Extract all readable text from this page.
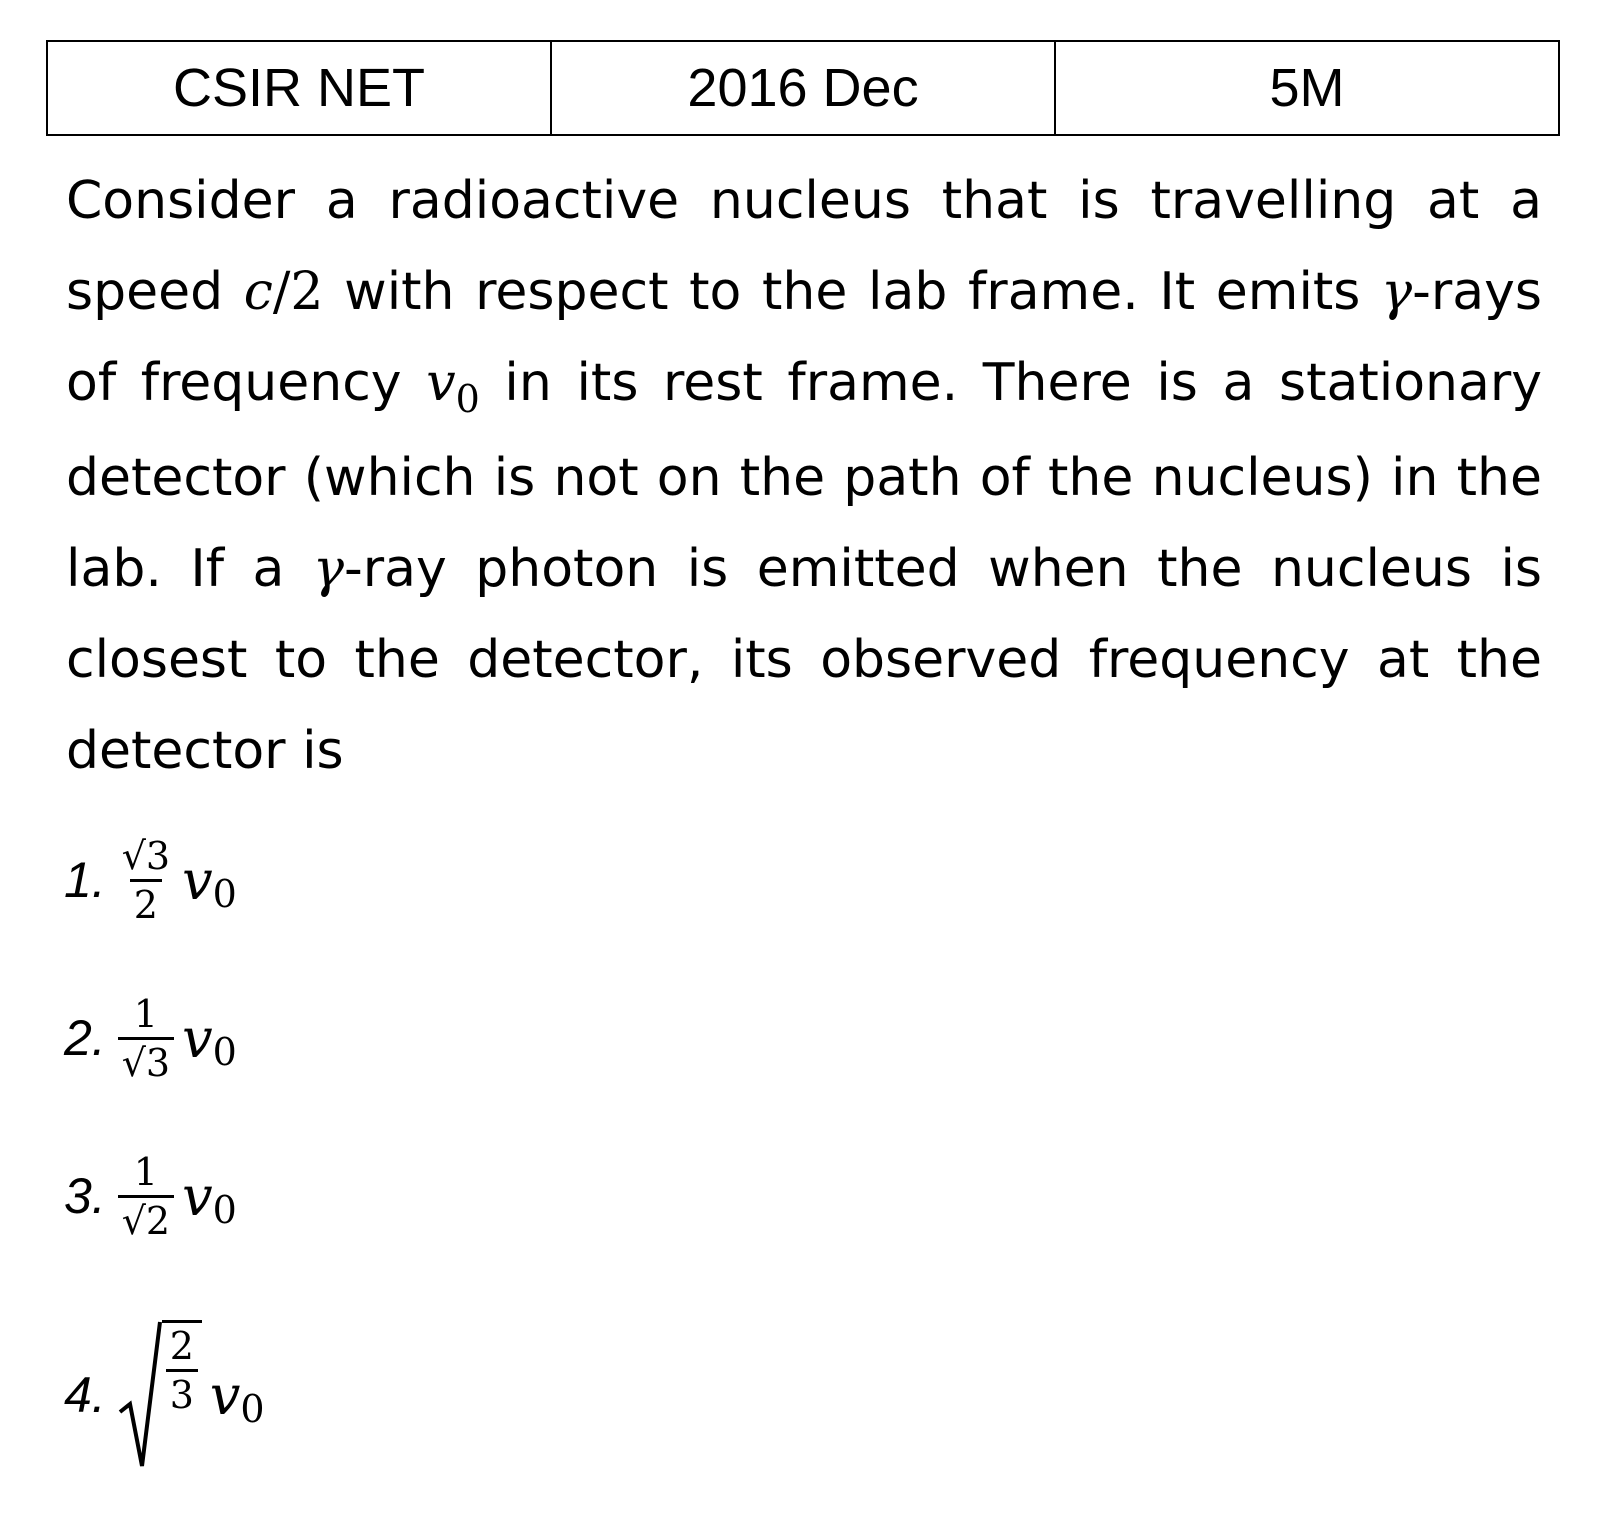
CSIR NET	2016 Dec	5M
Consider a radioactive nucleus that is travelling at a speed c/2 with respect to the lab frame. It emits γ-rays of frequency $v_0$ in its rest frame. There is a stationary detector (which is not on the path of the nucleus) in the lab. If a γ-ray photon is emitted when the nucleus is closest to the detector, its observed frequency at the detector is
1. $\frac{√3}{2}$ v 0
2. $\frac{1}{√3}$ v 0
3. $\frac{1}{√2}$ v 0
4. $\frac{2}{3}$ v 0
